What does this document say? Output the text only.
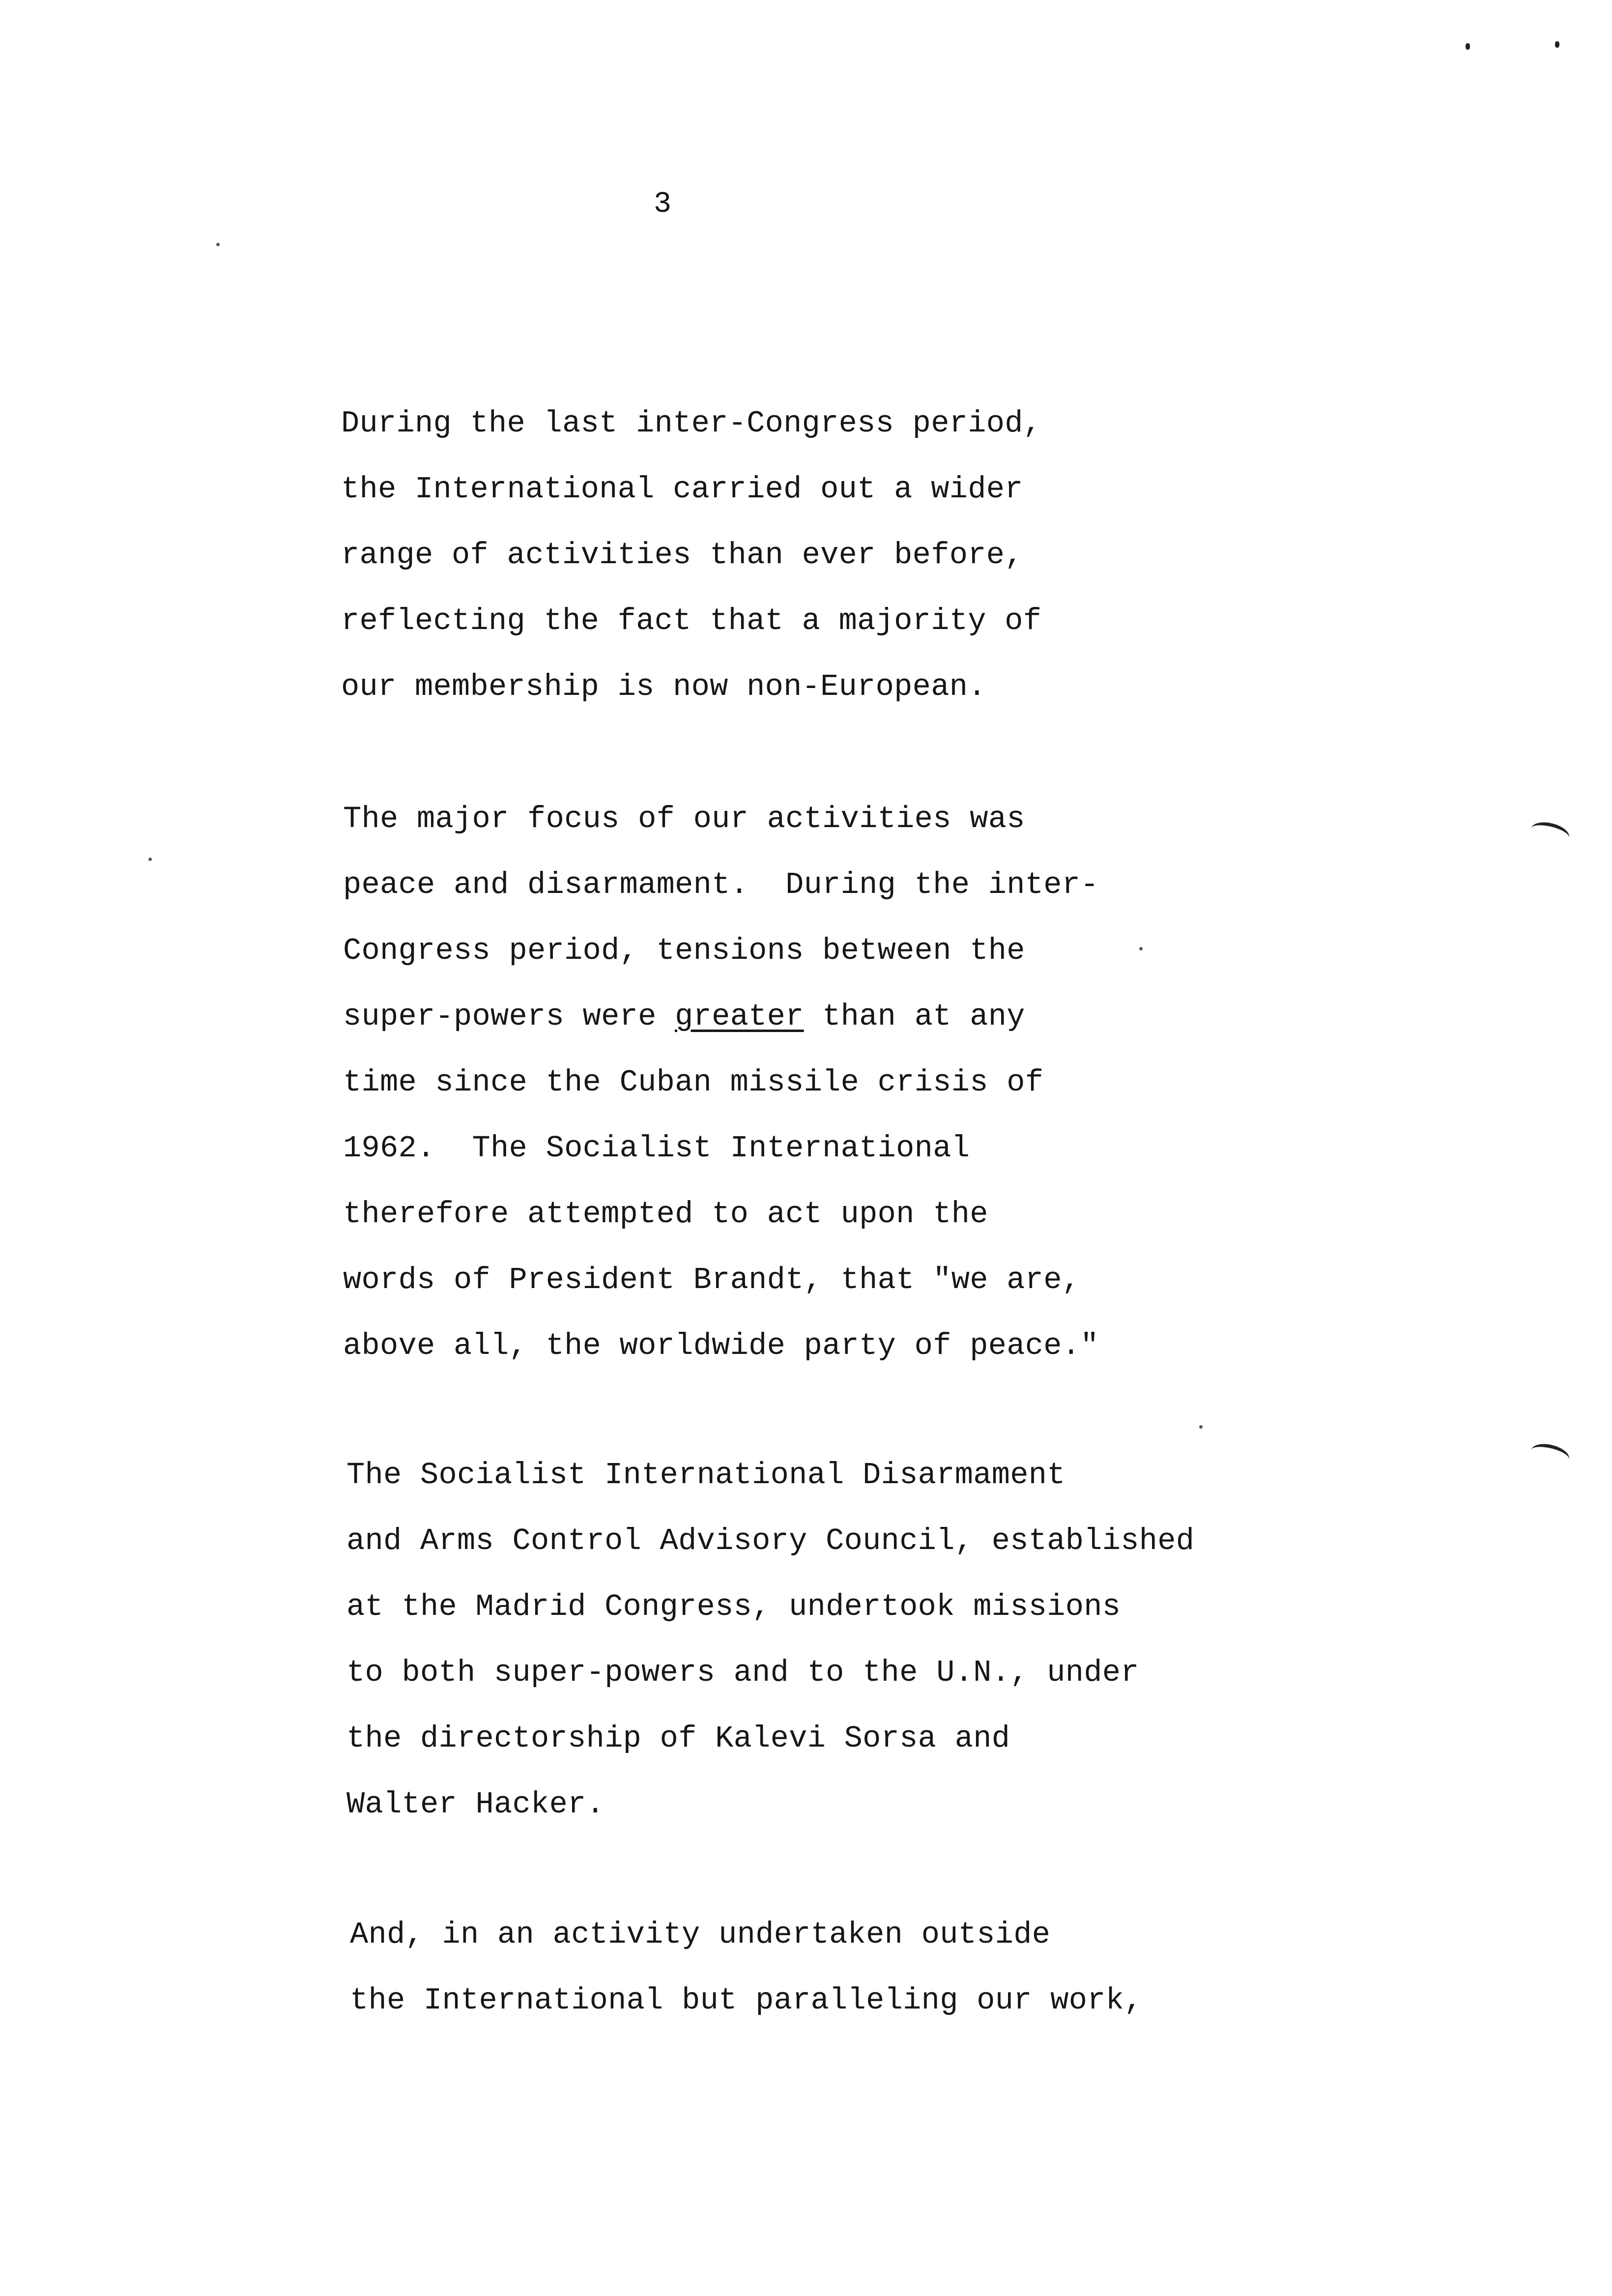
3
During the last inter-Congress period,
the International carried out a wider
range of activities than ever before,
reflecting the fact that a majority of
our membership is now non-European.
The major focus of our activities was
peace and disarmament.  During the inter-
Congress period, tensions between the
super-powers were greater than at any
time since the Cuban missile crisis of
1962.  The Socialist International
therefore attempted to act upon the
words of President Brandt, that "we are,
above all, the worldwide party of peace."
The Socialist International Disarmament
and Arms Control Advisory Council, established
at the Madrid Congress, undertook missions
to both super-powers and to the U.N., under
the directorship of Kalevi Sorsa and
Walter Hacker.
And, in an activity undertaken outside
the International but paralleling our work,
